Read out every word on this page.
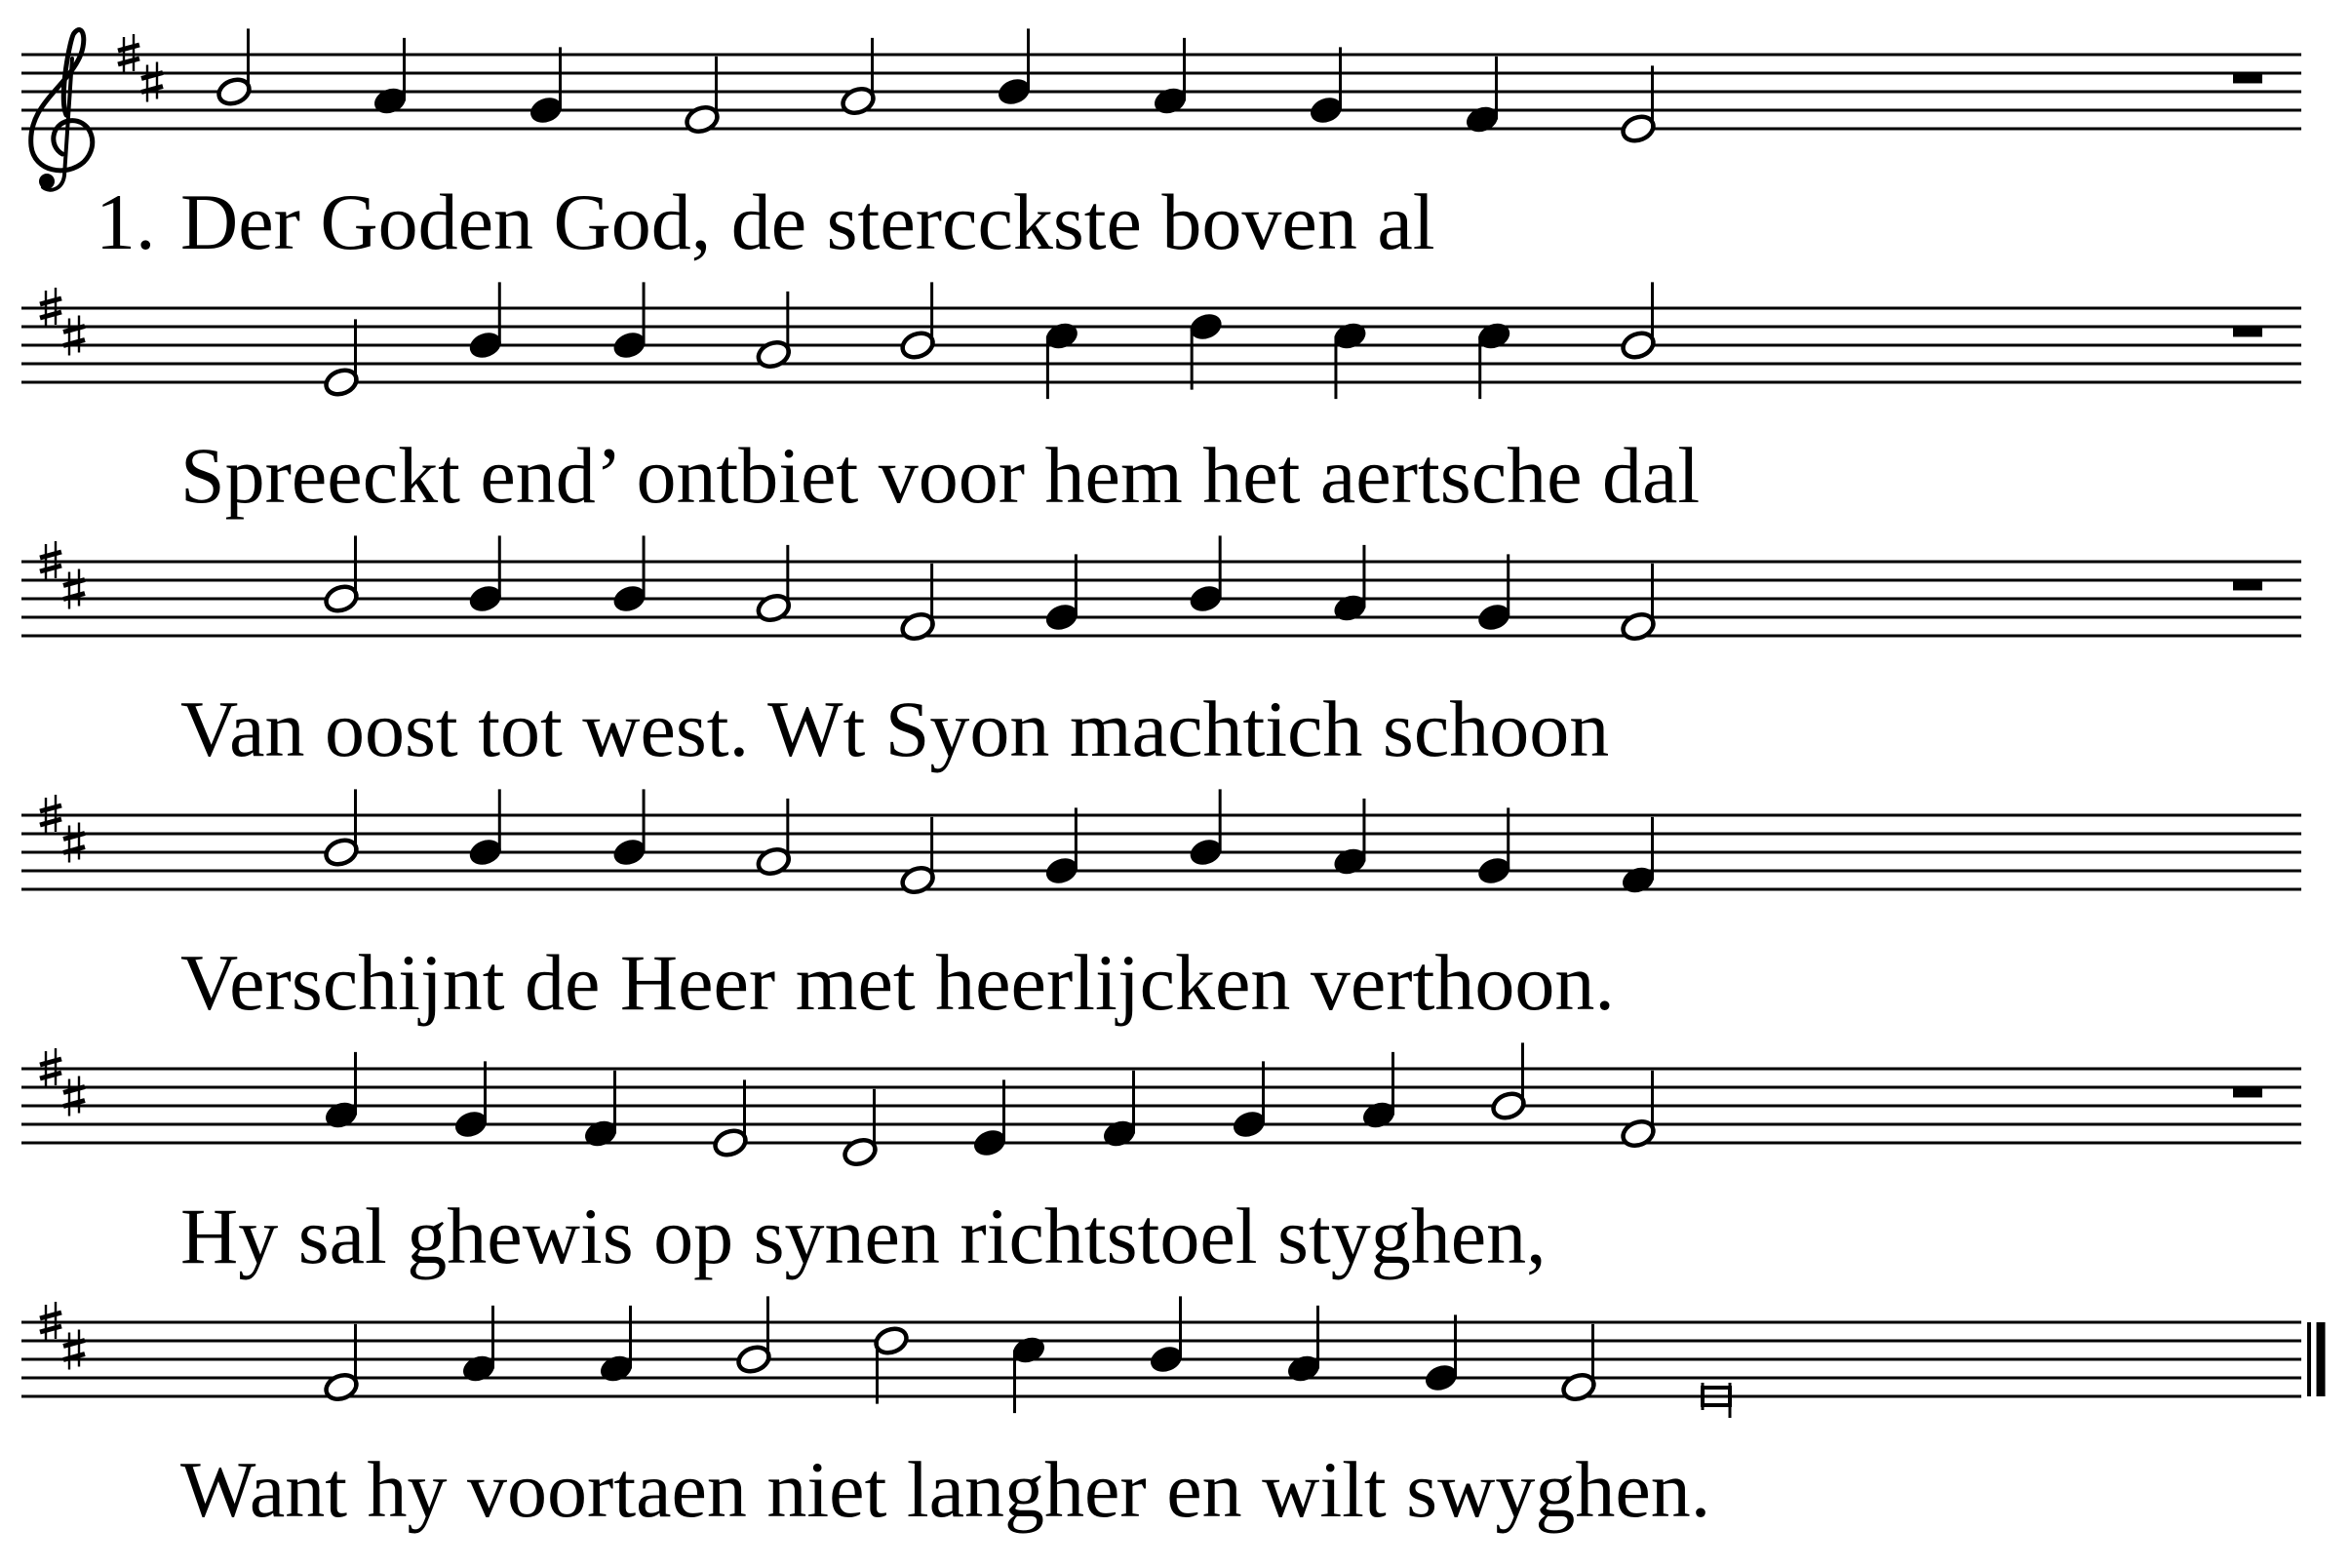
1. Der Goden God, de stercckste boven al
Spreeckt end’ ontbiet voor hem het aertsche dal
Van oost tot west. Wt Syon machtich schoon
Verschijnt de Heer met heerlijcken verthoon.
Hy sal ghewis op synen richtstoel styghen,
Want hy voortaen niet langher en wilt swyghen.
